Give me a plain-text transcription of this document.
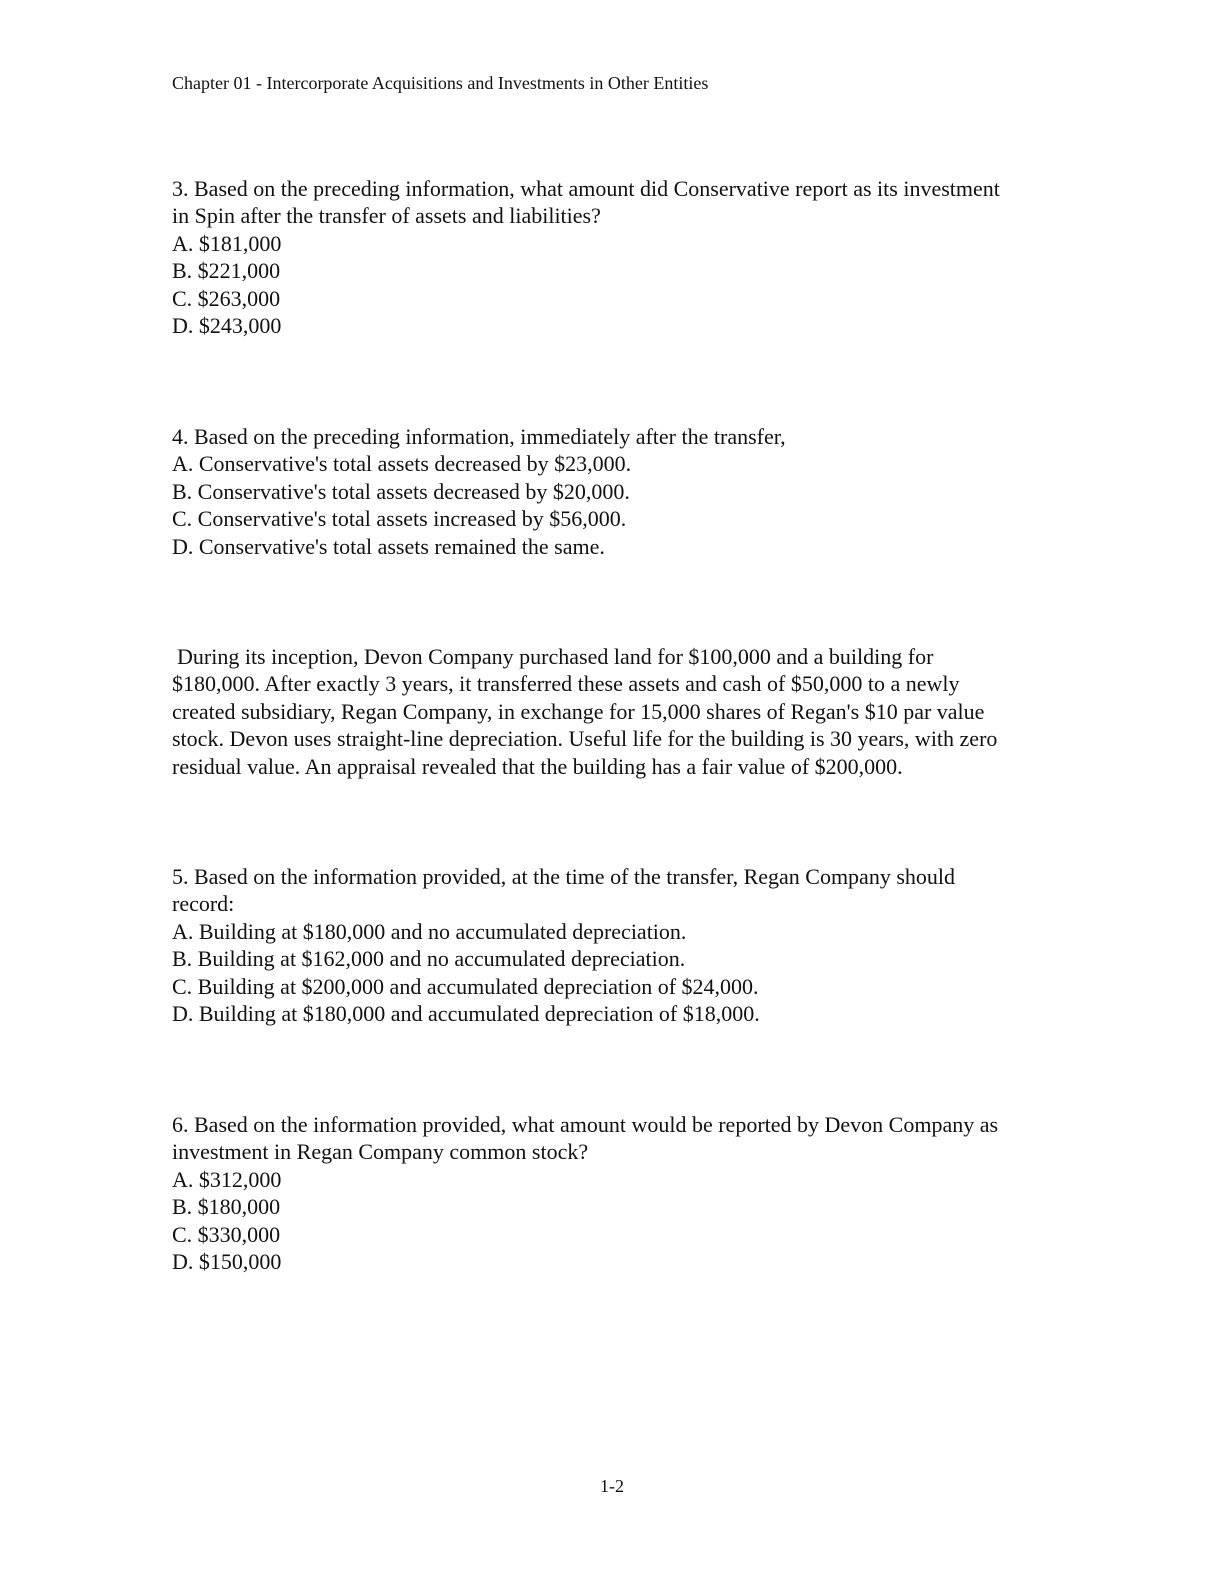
Chapter 01 - Intercorporate Acquisitions and Investments in Other Entities

3. Based on the preceding information, what amount did Conservative report as its investment
in Spin after the transfer of assets and liabilities?

A. $181,000
B. $221,000
C. $263,000
D. $243,000

4. Based on the preceding information, immediately after the transfer,

A. Conservative's total assets decreased by $23,000.
B. Conservative's total assets decreased by $20,000.
C. Conservative's total assets increased by $56,000.
D. Conservative's total assets remained the same.
During its inception, Devon Company purchased land for $100,000 and a building for
$180,000. After exactly 3 years, it transferred these assets and cash of $50,000 to a newly
created subsidiary, Regan Company, in exchange for 15,000 shares of Regan's $10 par value
stock. Devon uses straight-line depreciation. Useful life for the building is 30 years, with zero
residual value. An appraisal revealed that the building has a fair value of $200,000.

5. Based on the information provided, at the time of the transfer, Regan Company should
record:

A. Building at $180,000 and no accumulated depreciation.
B. Building at $162,000 and no accumulated depreciation.
C. Building at $200,000 and accumulated depreciation of $24,000.
D. Building at $180,000 and accumulated depreciation of $18,000.

6. Based on the information provided, what amount would be reported by Devon Company as
investment in Regan Company common stock?

A. $312,000
B. $180,000
C. $330,000
D. $150,000
1-2
